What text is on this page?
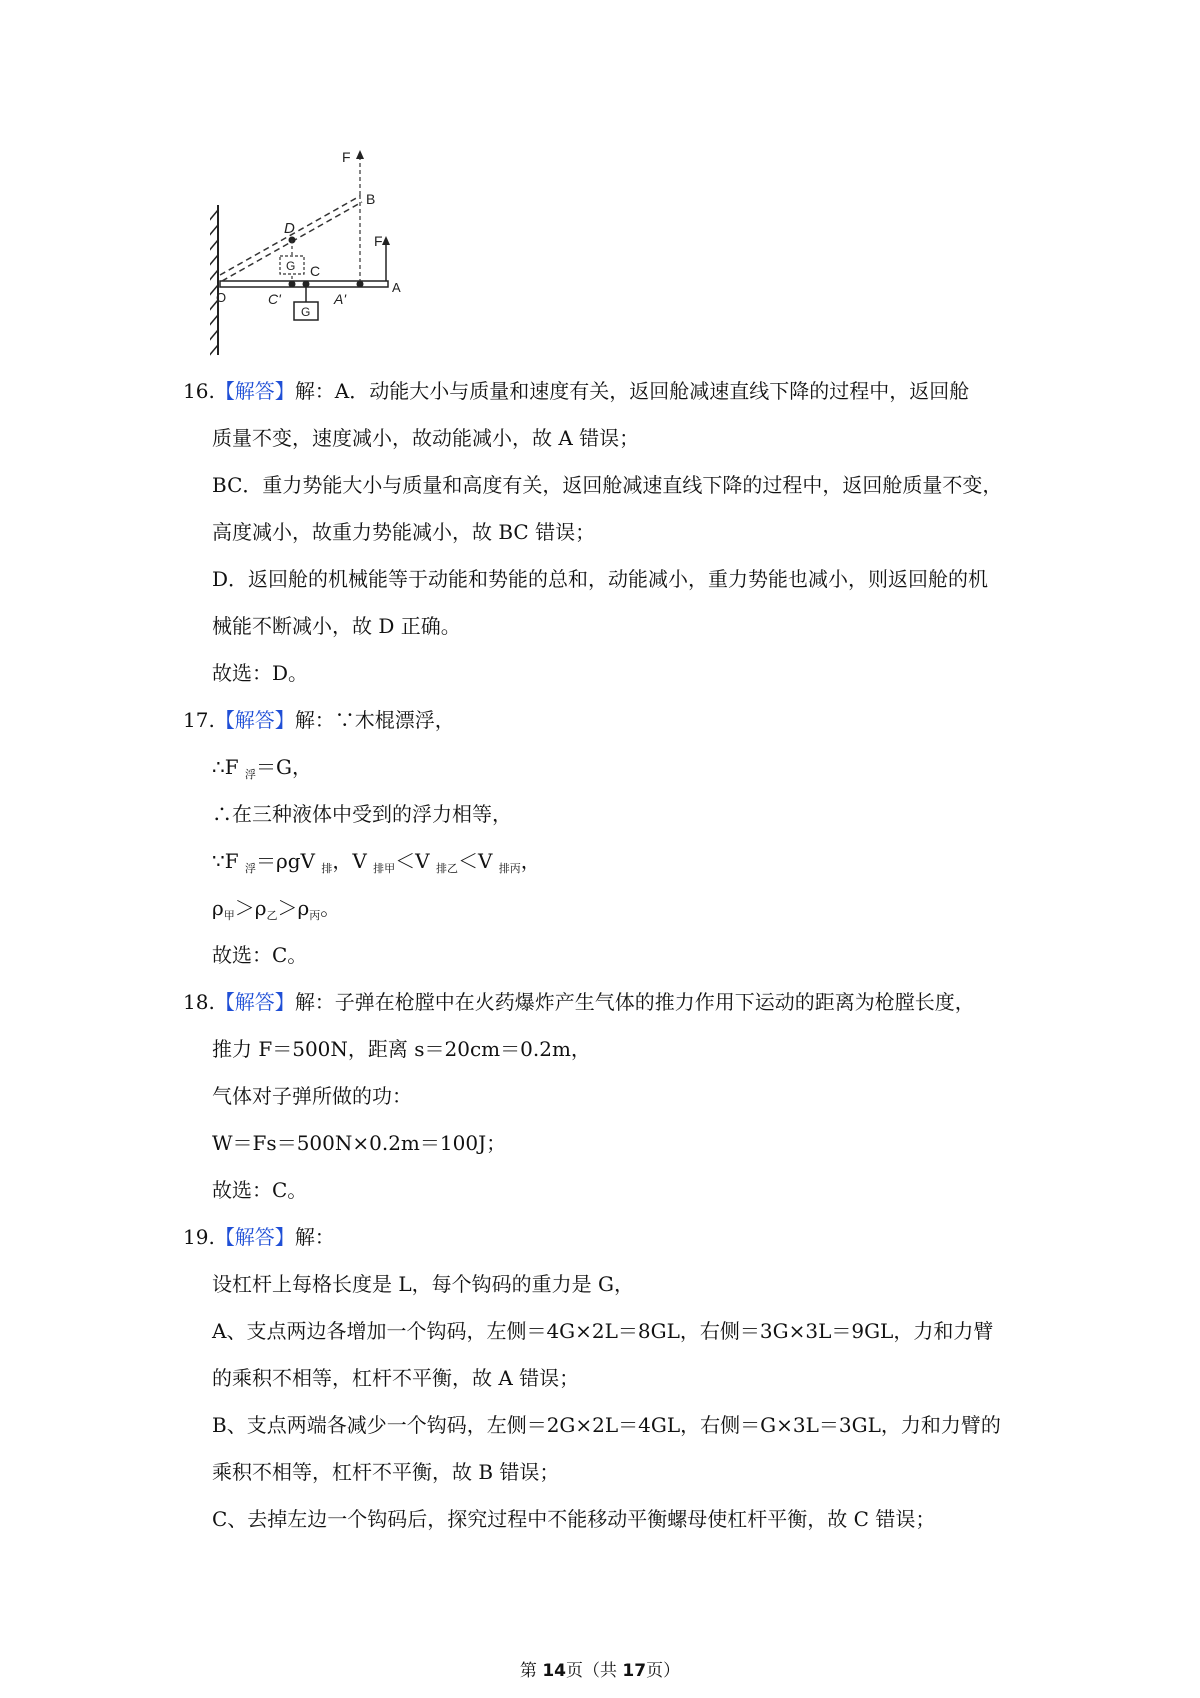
F
B
D
F
G C
O	C'	A'
A
G
16.【解答】解：A．动能大小与质量和速度有关，返回舱减速直线下降的过程中，返回舱
质量不变，速度减小，故动能减小，故 A 错误；
BC．重力势能大小与质量和高度有关，返回舱减速直线下降的过程中，返回舱质量不变，
高度减小，故重力势能减小，故 BC 错误；
D．返回舱的机械能等于动能和势能的总和，动能减小，重力势能也减小，则返回舱的机
械能不断减小，故 D 正确。
故选：D。
17.【解答】解：∵木棍漂浮，
∴F $_浮$＝G，
∴在三种液体中受到的浮力相等，
∵F $_浮$＝ρgV $_排$，V $_{排甲}$＜V $_{排乙}$＜V $_{排丙}$，
$\rho_甲>\rho_乙>\rho_丙$。
故选：C。
18.【解答】解：子弹在枪膛中在火药爆炸产生气体的推力作用下运动的距离为枪膛长度，
推力 F＝500N，距离 s＝20cm＝0.2m，
气体对子弹所做的功：
W＝Fs＝500N×0.2m＝100J；
故选：C。
19.【解答】解：
设杠杆上每格长度是 L，每个钩码的重力是 G，
A、支点两边各增加一个钩码，左侧＝4G×2L＝8GL，右侧＝3G×3L＝9GL，力和力臂
的乘积不相等，杠杆不平衡，故 A 错误；
B、支点两端各减少一个钩码，左侧＝2G×2L＝4GL，右侧＝G×3L＝3GL，力和力臂的
乘积不相等，杠杆不平衡，故 B 错误；
C、去掉左边一个钩码后，探究过程中不能移动平衡螺母使杠杆平衡，故 C 错误；
第 14页（共 17页）
